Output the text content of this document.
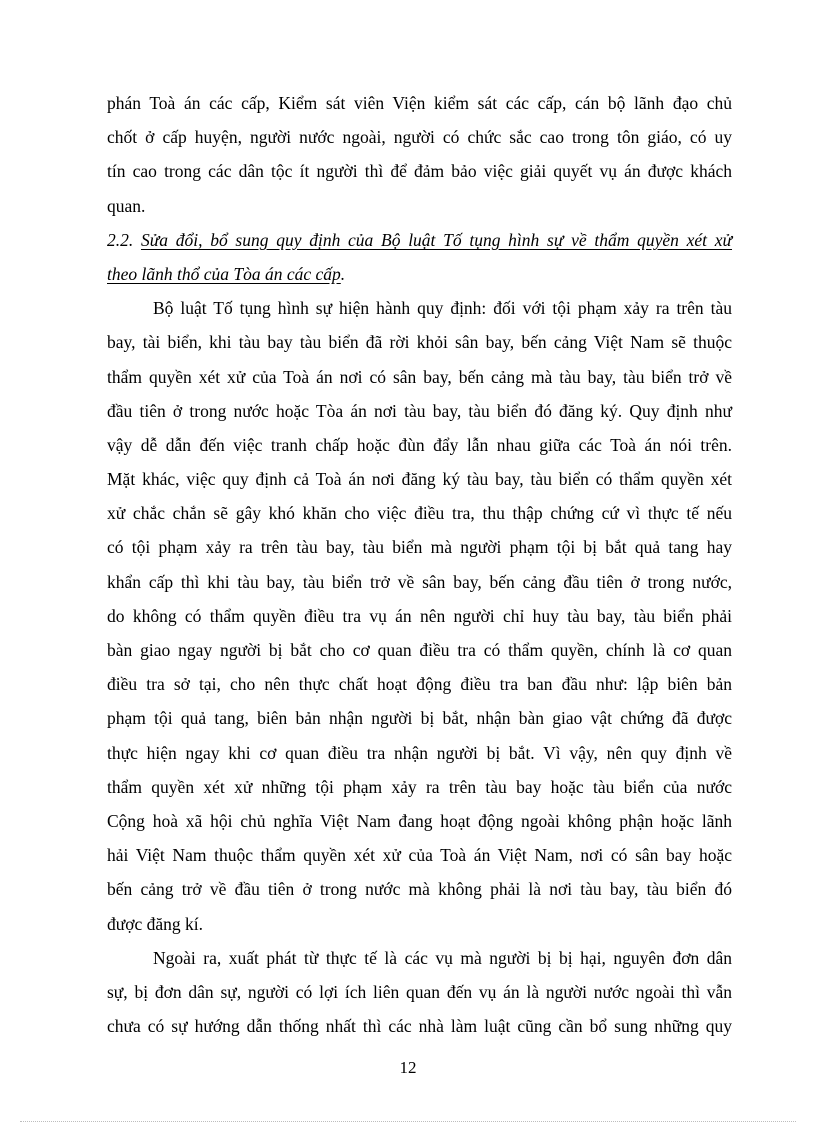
phán Toà án các cấp, Kiểm sát viên Viện kiểm sát các cấp, cán bộ lãnh đạo chủ
chốt ở cấp huyện, người nước ngoài, người có chức sắc cao trong tôn giáo, có uy
tín cao trong các dân tộc ít người thì để đảm bảo việc giải quyết vụ án được khách
quan.
2.2. Sửa đổi, bổ sung quy định của Bộ luật Tố tụng hình sự về thẩm quyền xét xử
theo lãnh thổ của Tòa án các cấp.
Bộ luật Tố tụng hình sự hiện hành quy định: đối với tội phạm xảy ra trên tàu
bay, tài biển, khi tàu bay tàu biển đã rời khỏi sân bay, bến cảng Việt Nam sẽ thuộc
thẩm quyền xét xử của Toà án nơi có sân bay, bến cảng mà tàu bay, tàu biển trở về
đầu tiên ở trong nước hoặc Tòa án nơi tàu bay, tàu biển đó đăng ký. Quy định như
vậy dễ dẫn đến việc tranh chấp hoặc đùn đẩy lẫn nhau giữa các Toà án nói trên.
Mặt khác, việc quy định cả Toà án nơi đăng ký tàu bay, tàu biển có thẩm quyền xét
xử chắc chắn sẽ gây khó khăn cho việc điều tra, thu thập chứng cứ vì thực tế nếu
có tội phạm xảy ra trên tàu bay, tàu biển mà người phạm tội bị bắt quả tang hay
khẩn cấp thì khi tàu bay, tàu biển trở về sân bay, bến cảng đầu tiên ở trong nước,
do không có thẩm quyền điều tra vụ án nên người chỉ huy tàu bay, tàu biển phải
bàn giao ngay người bị bắt cho cơ quan điều tra có thẩm quyền, chính là cơ quan
điều tra sở tại, cho nên thực chất hoạt động điều tra ban đầu như: lập biên bản
phạm tội quả tang, biên bản nhận người bị bắt, nhận bàn giao vật chứng đã được
thực hiện ngay khi cơ quan điều tra nhận người bị bắt. Vì vậy, nên quy định về
thẩm quyền xét xử những tội phạm xảy ra trên tàu bay hoặc tàu biển của nước
Cộng hoà xã hội chủ nghĩa Việt Nam đang hoạt động ngoài không phận hoặc lãnh
hải Việt Nam thuộc thẩm quyền xét xử của Toà án Việt Nam, nơi có sân bay hoặc
bến cảng trở về đầu tiên ở trong nước mà không phải là nơi tàu bay, tàu biển đó
được đăng kí.
Ngoài ra, xuất phát từ thực tế là các vụ mà người bị bị hại, nguyên đơn dân
sự, bị đơn dân sự, người có lợi ích liên quan đến vụ án là người nước ngoài thì vẫn
chưa có sự hướng dẫn thống nhất thì các nhà làm luật cũng cần bổ sung những quy
12
